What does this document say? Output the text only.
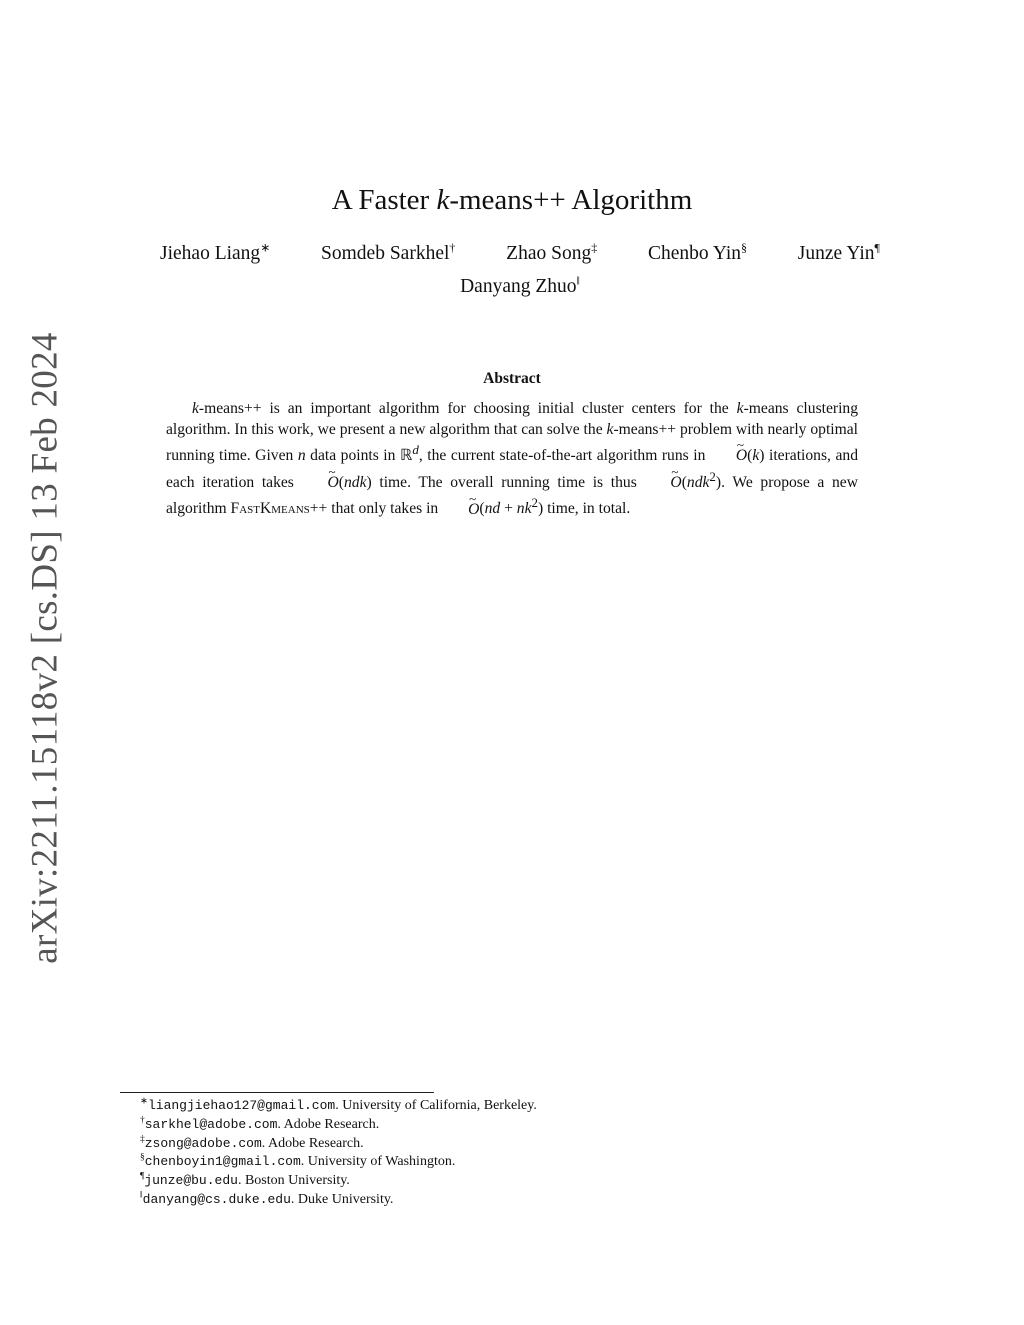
arXiv:2211.15118v2 [cs.DS] 13 Feb 2024
A Faster k-means++ Algorithm
Jiehao Liang∗	Somdeb Sarkhel†	Zhao Song‡	Chenbo Yin§	Junze Yin¶
Danyang Zhuo‖
Abstract
k-means++ is an important algorithm for choosing initial cluster centers for the k-means clustering algorithm. In this work, we present a new algorithm that can solve the k-means++ problem with nearly optimal running time. Given n data points in ℝ$^d$, the current state-of-the-art algorithm runs in ~ O(k) iterations, and each iteration takes ~ O(ndk) time. The overall running time is thus ~ O(ndk$^2$). We propose a new algorithm FastKmeans++ that only takes in ~ $O(nd + nk^2)$ time, in total.
∗liangjiehao127@gmail.com. University of California, Berkeley.
†sarkhel@adobe.com. Adobe Research.
‡zsong@adobe.com. Adobe Research.
§chenboyin1@gmail.com. University of Washington.
¶junze@bu.edu. Boston University.
‖danyang@cs.duke.edu. Duke University.
